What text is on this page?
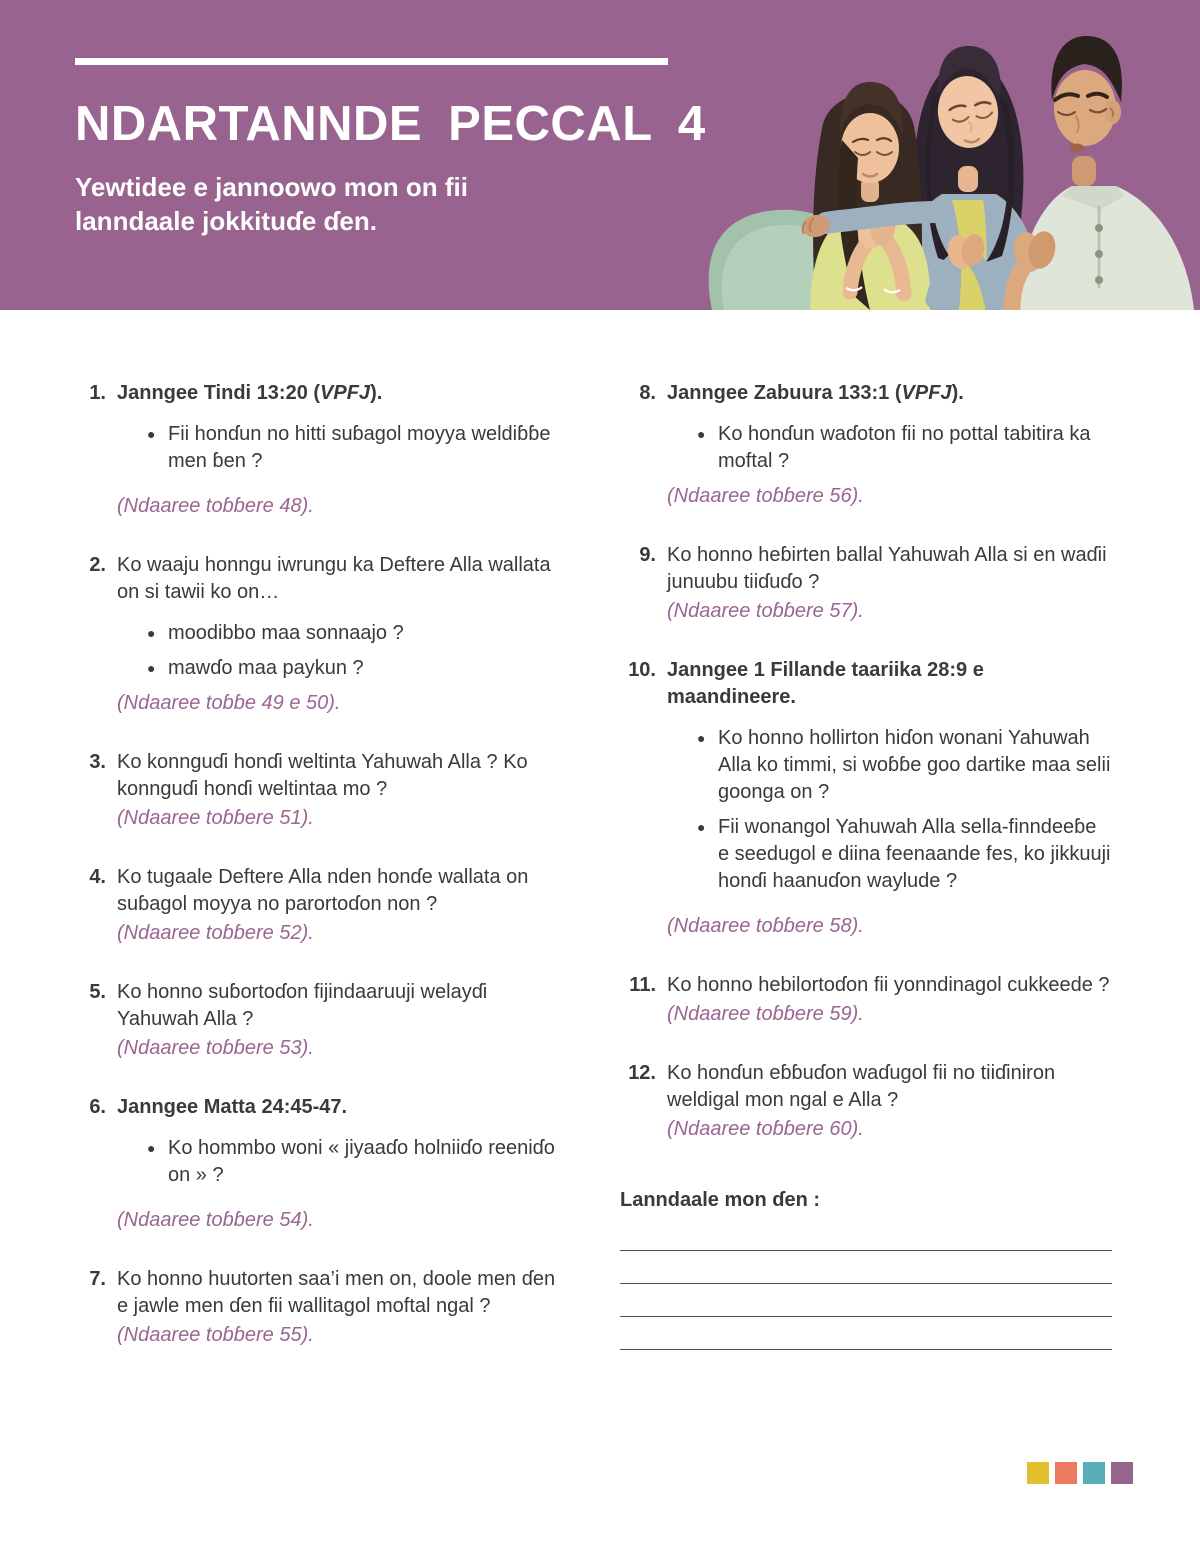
NDARTANNDE PECCAL 4

Yewtidee e jannoowo mon on fii lanndaale jokkituɗe ɗen.

1. Janngee Tindi 13:20 (VPFJ).

● Fii honɗun no hitti suɓagol moyya weldiɓɓe men ɓen ?
(Ndaaree toɓɓere 48).
2. Ko waaju honngu iwrungu ka Deftere Alla wallata on si tawii ko on…

● moodibbo maa sonnaajo ?
● mawɗo maa paykun ?
(Ndaaree toɓɓe 49 e 50).
3. Ko konnguɗi honɗi weltinta Yahuwah Alla ? Ko konnguɗi honɗi weltintaa mo ?

(Ndaaree toɓɓere 51).
4. Ko tugaale Deftere Alla nden honɗe wallata on suɓagol moyya no parortoɗon non ?

(Ndaaree toɓɓere 52).
5. Ko honno suɓortoɗon fijindaaruuji welayɗi Yahuwah Alla ?

(Ndaaree toɓɓere 53).
6. Janngee Matta 24:45-47.

● Ko hommbo woni « jiyaaɗo holniiɗo reeniɗo on » ?
(Ndaaree toɓɓere 54).
7. Ko honno huutorten saa’i men on, doole men ɗen e jawle men ɗen fii wallitagol moftal ngal ?

(Ndaaree toɓɓere 55).
8. Janngee Zabuura 133:1 (VPFJ).

● Ko honɗun waɗoton fii no pottal tabitira ka moftal ?
(Ndaaree toɓɓere 56).
9. Ko honno heɓirten ballal Yahuwah Alla si en waɗii junuubu tiiɗuɗo ?

(Ndaaree toɓɓere 57).
10. Janngee 1 Fillande taariika 28:9 e maandineere.

● Ko honno hollirton hiɗon wonani Yahuwah Alla ko timmi, si woɓɓe goo dartike maa selii goonga on ?
● Fii wonangol Yahuwah Alla sella-finndeeɓe e seedugol e diina feenaande fes, ko jikkuuji honɗi haanuɗon waylude ?
(Ndaaree toɓɓere 58).
11. Ko honno hebilortoɗon fii yonndinagol cukkeede ?

(Ndaaree toɓɓere 59).
12. Ko honɗun eɓɓuɗon waɗugol fii no tiiɗiniron weldigal mon ngal e Alla ?

(Ndaaree toɓɓere 60).

Lanndaale mon ɗen :
